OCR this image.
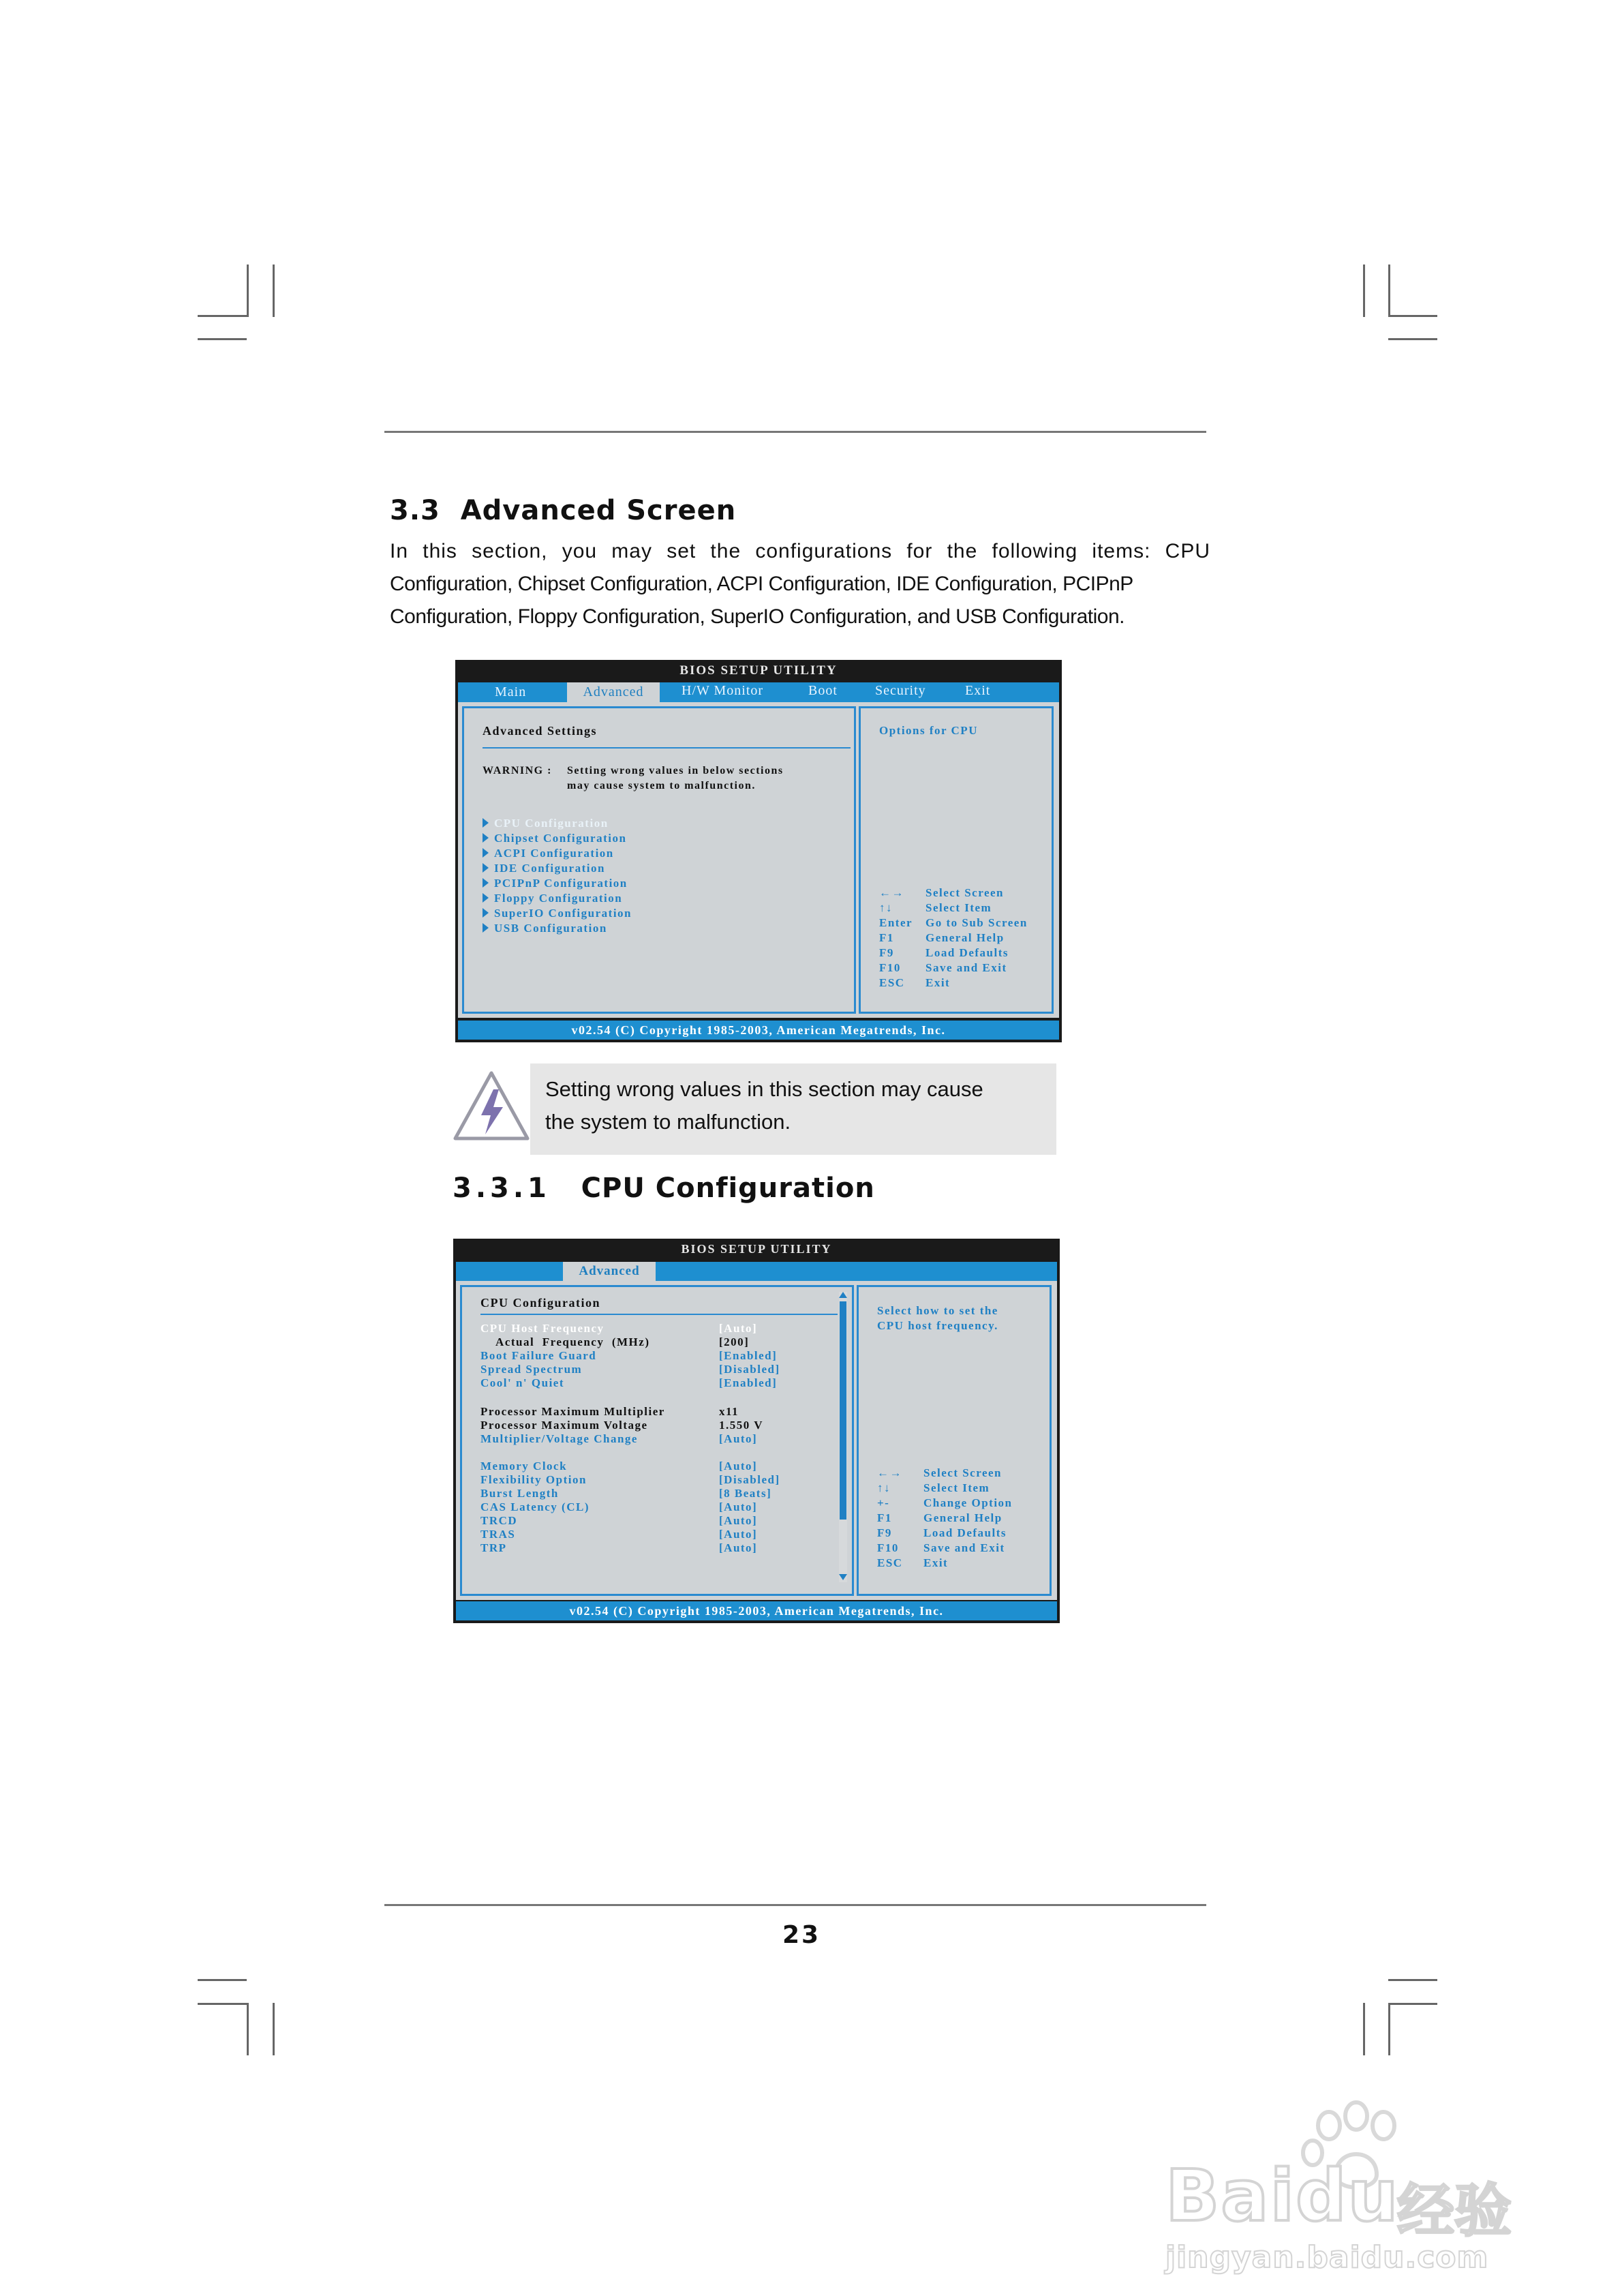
3.3 Advanced Screen
In this section, you may set the configurations for the following items: CPU
Configuration, Chipset Configuration, ACPI Configuration, IDE Configuration, PCIPnP
Configuration, Floppy Configuration, SuperIO Configuration, and USB Configuration.
BIOS SETUP UTILITY
Main	Advanced	H/W Monitor	Boot	Security	Exit
Advanced Settings
WARNING : Setting wrong values in below sections
may cause system to malfunction.
CPU Configuration
Chipset Configuration
ACPI Configuration
IDE Configuration
PCIPnP Configuration
Floppy Configuration
SuperIO Configuration
USB Configuration
Options for CPU
←→ Select Screen
↑↓	Select Item
Enter Go to Sub Screen
F1	General Help
F9	Load Defaults
F10 Save and Exit
ESC Exit
v02.54 (C) Copyright 1985-2003, American Megatrends, Inc.
Setting wrong values in this section may cause
the system to malfunction.
3.3.1 CPU Configuration
BIOS SETUP UTILITY
Advanced
CPU Configuration
CPU Host Frequency	[Auto]
Actual  Frequency  (MHz)	[200]
Boot Failure Guard	[Enabled]
Spread Spectrum	[Disabled]
Cool' n' Quiet	[Enabled]
Processor Maximum Multiplier	x11
Processor Maximum Voltage	1.550 V
Multiplier/Voltage Change	[Auto]
Memory Clock	[Auto]
Flexibility Option	[Disabled]
Burst Length	[8 Beats]
CAS Latency (CL)	[Auto]
TRCD	[Auto]
TRAS	[Auto]
TRP	[Auto]
Select how to set the
CPU host frequency.
←→ Select Screen
↑↓	Select Item
+-	Change Option
F1	General Help
F9	Load Defaults
F10 Save and Exit
ESC Exit
v02.54 (C) Copyright 1985-2003, American Megatrends, Inc.
23
Baidu
经验
jingyan.baidu.com
